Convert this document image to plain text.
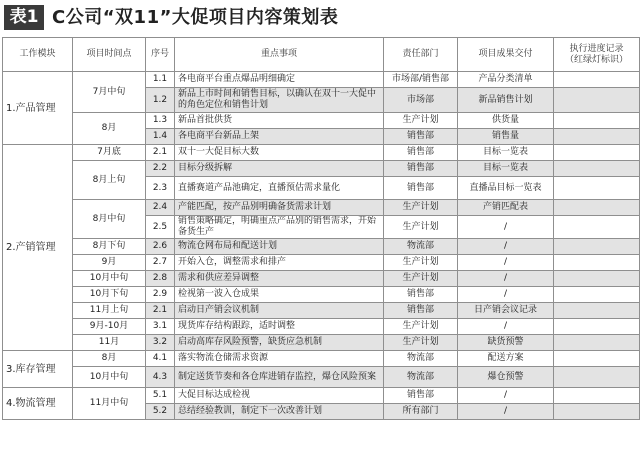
表1 C公司“双11”大促项目内容策划表
工作模块	项目时间点	序号	重点事项	责任部门	项目成果交付	执行进度记录
（红绿灯标识）
1.产品管理	7月中旬	1.1	各电商平台重点爆品明细确定	市场部/销售部	产品分类清单	
		1.2	新品上市时间和销售目标，以确认在双十一大促中的角色定位和销售计划	市场部	新品销售计划	
	8月	1.3	新品首批供货	生产计划	供货量	
		1.4	各电商平台新品上架	销售部	销售量	
2.产销管理	7月底	2.1	双十一大促目标大数	销售部	目标一览表	
	8月上旬	2.2	目标分级拆解	销售部	目标一览表	
		2.3	直播赛道产品池确定，直播预估需求量化	销售部	直播品目标一览表	
	8月中旬	2.4	产能匹配，按产品别明确备货需求计划	生产计划	产销匹配表	
		2.5	销售策略确定，明确重点产品别的销售需求，开始备货生产	生产计划	/	
	8月下旬	2.6	物流仓网布局和配送计划	物流部	/	
	9月	2.7	开始入仓，调整需求和排产	生产计划	/	
	10月中旬	2.8	需求和供应差异调整	生产计划	/	
	10月下旬	2.9	检视第一波入仓成果	销售部	/	
	11月上旬	2.1	启动日产销会议机制	销售部	日产销会议记录	
	9月-10月	3.1	现货库存结构跟踪，适时调整	生产计划	/	
	11月	3.2	启动高库存风险预警，缺货应急机制	生产计划	缺货预警	
3.库存管理	8月	4.1	落实物流仓储需求资源	物流部	配送方案	
	10月中旬	4.3	制定送货节奏和各仓库进销存监控，爆仓风险预案	物流部	爆仓预警	
4.物流管理	11月中旬	5.1	大促目标达成检视	销售部	/	
		5.2	总结经验教训，制定下一次改善计划	所有部门	/	
